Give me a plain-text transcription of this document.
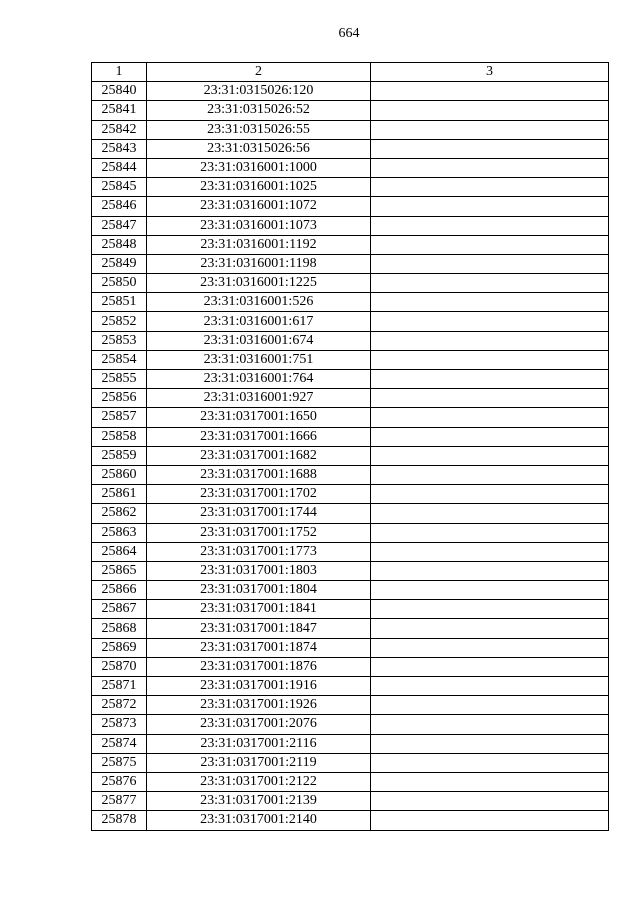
664
1	2	3
25840	23:31:0315026:120	
25841	23:31:0315026:52	
25842	23:31:0315026:55	
25843	23:31:0315026:56	
25844	23:31:0316001:1000	
25845	23:31:0316001:1025	
25846	23:31:0316001:1072	
25847	23:31:0316001:1073	
25848	23:31:0316001:1192	
25849	23:31:0316001:1198	
25850	23:31:0316001:1225	
25851	23:31:0316001:526	
25852	23:31:0316001:617	
25853	23:31:0316001:674	
25854	23:31:0316001:751	
25855	23:31:0316001:764	
25856	23:31:0316001:927	
25857	23:31:0317001:1650	
25858	23:31:0317001:1666	
25859	23:31:0317001:1682	
25860	23:31:0317001:1688	
25861	23:31:0317001:1702	
25862	23:31:0317001:1744	
25863	23:31:0317001:1752	
25864	23:31:0317001:1773	
25865	23:31:0317001:1803	
25866	23:31:0317001:1804	
25867	23:31:0317001:1841	
25868	23:31:0317001:1847	
25869	23:31:0317001:1874	
25870	23:31:0317001:1876	
25871	23:31:0317001:1916	
25872	23:31:0317001:1926	
25873	23:31:0317001:2076	
25874	23:31:0317001:2116	
25875	23:31:0317001:2119	
25876	23:31:0317001:2122	
25877	23:31:0317001:2139	
25878	23:31:0317001:2140	
